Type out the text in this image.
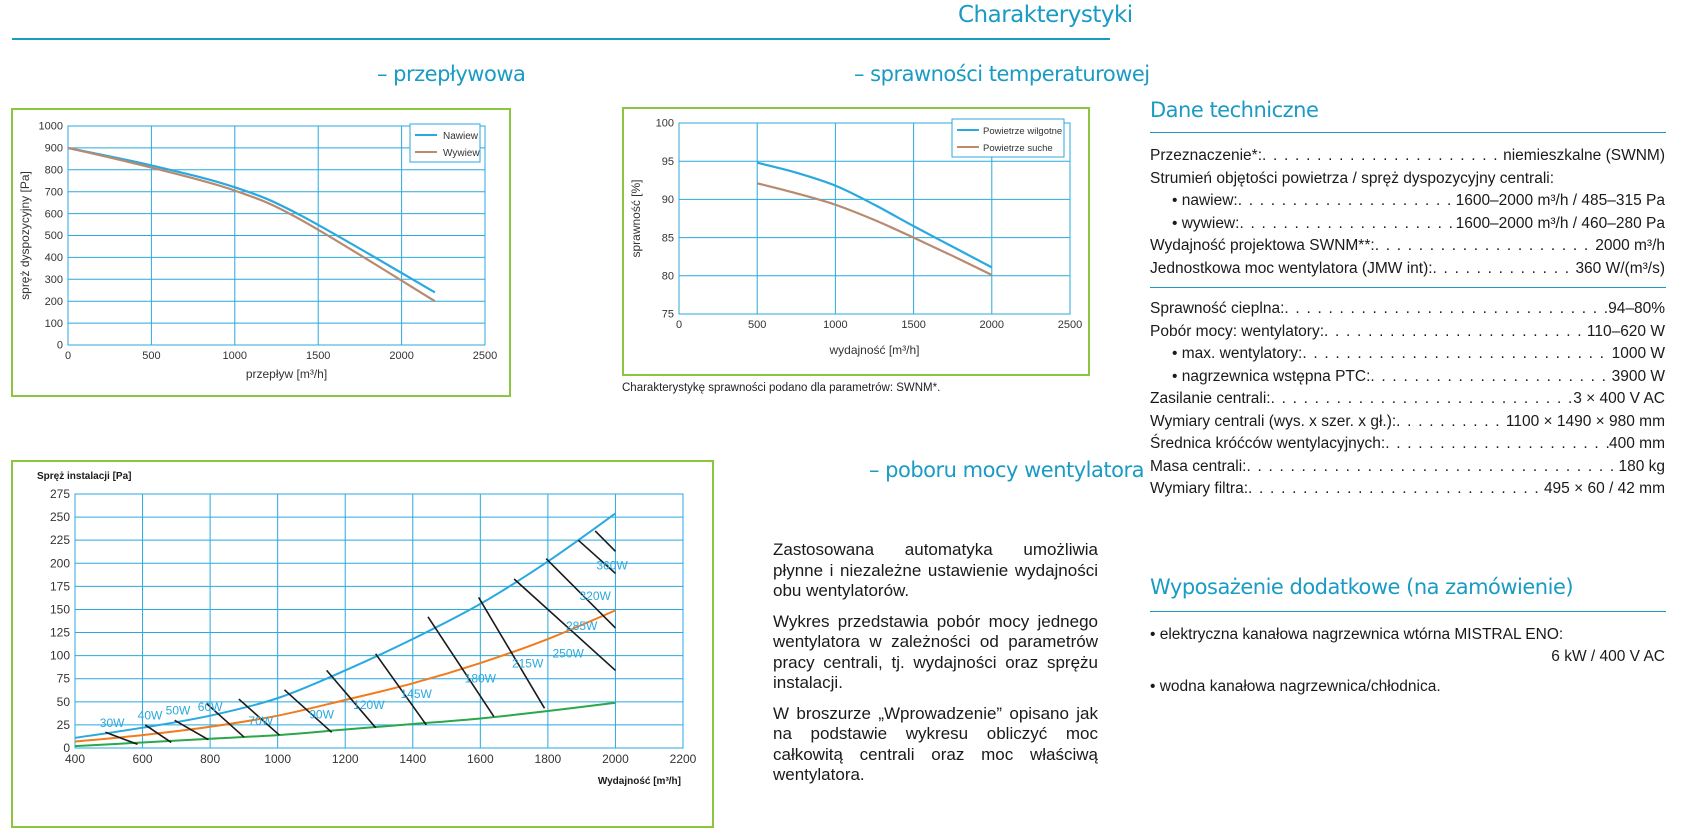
Charakterystyki
– przepływowa
0	500	1000	1500	2000	2500
0
100
200
300
400
500
600
700
800
900
1000
przepływ [m³/h]
spręż dyspozycyjny [Pa]
Nawiew
Wywiew
– sprawności temperaturowej
0	500	1000	1500	2000	2500
75
80
85
90
95
100
wydajność [m³/h]
sprawność [%]
Powietrze wilgotne
Powietrze suche
Charakterystykę sprawności podano dla parametrów: SWNM*.
400	600	800	1000	1200	1400	1600	1800	2000	2200
0
25
50
75
100
125
150
175
200
225
250
275
30W
40W 50W 60W
70W	90W
120W
145W
180W
215W
250W
285W
320W
360W
Spręż instalacji [Pa]
Wydajność [m³/h]
– poboru mocy wentylatora

Zastosowana automatyka umożliwia płynne i niezależne ustawienie wydajności obu wentylatorów.

Wykres przedstawia pobór mocy jednego wentylatora w zależności od parametrów pracy centrali, tj. wydajności oraz sprężu instalacji.

W broszurze „Wprowadzenie” opisano jak na podstawie wykresu obliczyć moc całkowitą centrali oraz moc właściwą wentylatora.

Dane techniczne
Przeznaczenie*: . . .	niemieszkalne (SWNM)
Strumień objętości powietrza / spręż dyspozycyjny centrali:
• nawiew: . . .	1600–2000 m³/h / 485–315 Pa
• wywiew: . . .	1600–2000 m³/h / 460–280 Pa
Wydajność projektowa SWNM**: . . .	2000 m³/h
Jednostkowa moc wentylatora (JMW int): . . .	360 W/(m³/s)
Sprawność cieplna: . . .	94–80%
Pobór mocy: wentylatory: . . .	110–620 W
• max. wentylatory: . . .	1000 W
• nagrzewnica wstępna PTC: . . .	3900 W
Zasilanie centrali: . . .	3 × 400 V AC
Wymiary centrali (wys. x szer. x gł.): . . .	1100 × 1490 × 980 mm
Średnica króćców wentylacyjnych: . . .	400 mm
Masa centrali: . . .	180 kg
Wymiary filtra: . . .	495 × 60 / 42 mm
Wyposażenie dodatkowe (na zamówienie)
• elektryczna kanałowa nagrzewnica wtórna MISTRAL ENO:
6 kW / 400 V AC
• wodna kanałowa nagrzewnica/chłodnica.
